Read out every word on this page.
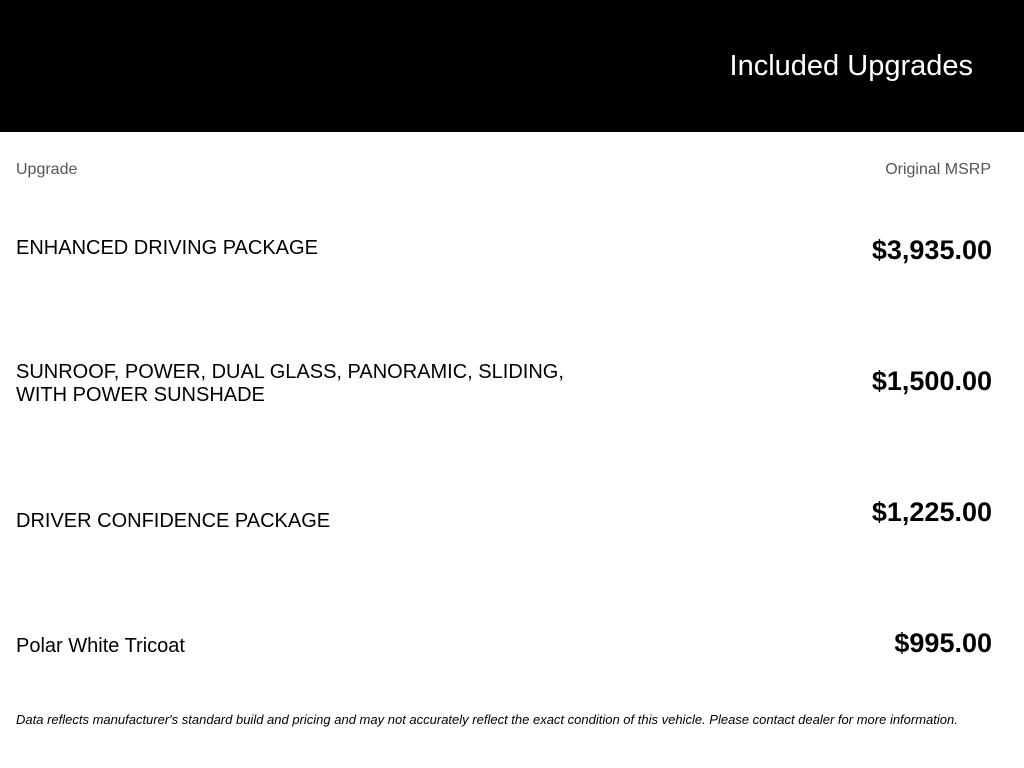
Included Upgrades
Upgrade	Original MSRP
ENHANCED DRIVING PACKAGE	$3,935.00
SUNROOF, POWER, DUAL GLASS, PANORAMIC, SLIDING, WITH POWER SUNSHADE	$1,500.00
DRIVER CONFIDENCE PACKAGE	$1,225.00
Polar White Tricoat	$995.00
Data reflects manufacturer's standard build and pricing and may not accurately reflect the exact condition of this vehicle. Please contact dealer for more information.
